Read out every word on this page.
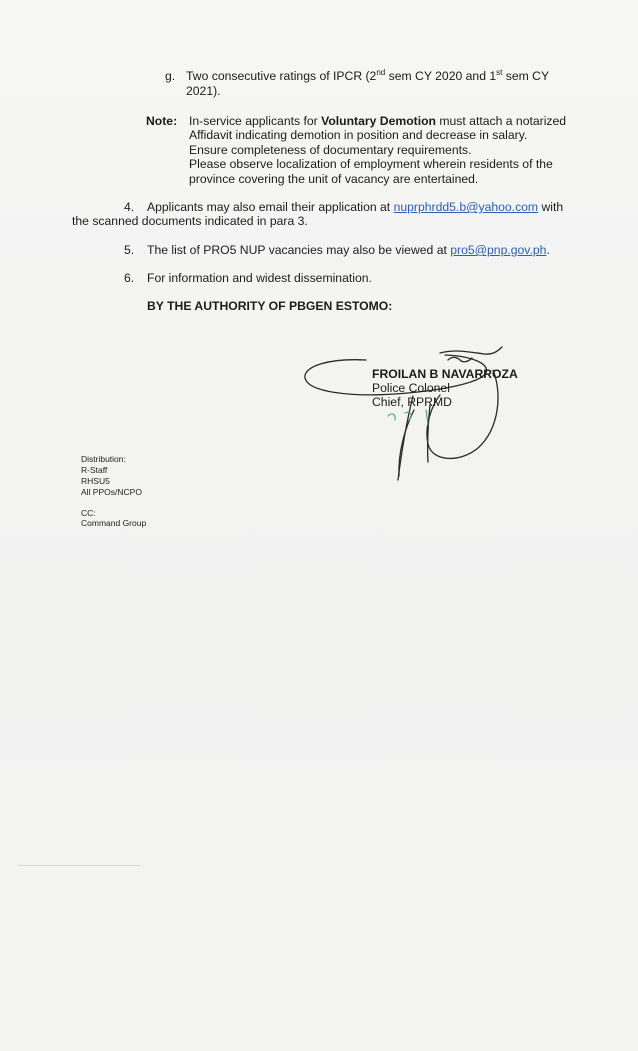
g. Two consecutive ratings of IPCR (2nd sem CY 2020 and 1st sem CY
2021).
Note: In-service applicants for Voluntary Demotion must attach a notarized
Affidavit indicating demotion in position and decrease in salary.
Ensure completeness of documentary requirements.
Please observe localization of employment wherein residents of the
province covering the unit of vacancy are entertained.
4. Applicants may also email their application at nuprphrdd5.b@yahoo.com with
the scanned documents indicated in para 3.
5. The list of PRO5 NUP vacancies may also be viewed at pro5@pnp.gov.ph.
6. For information and widest dissemination.
BY THE AUTHORITY OF PBGEN ESTOMO:
FROILAN B NAVARROZA
Police Colonel
Chief, RPRMD
Distribution:
R-Staff
RHSU5
All PPOs/NCPO
CC:
Command Group
